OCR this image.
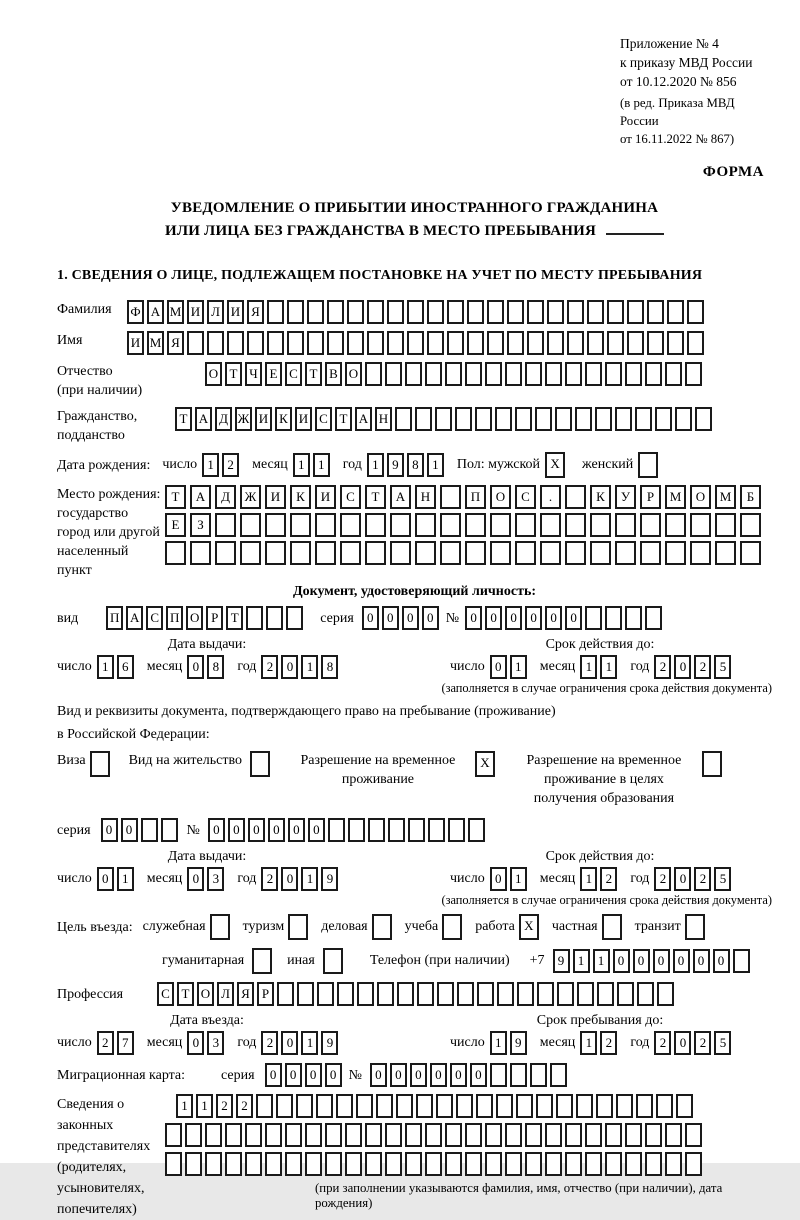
Приложение № 4
к приказу МВД России
от 10.12.2020 № 856
(в ред. Приказа МВД России
от 16.11.2022 № 867)
ФОРМА
УВЕДОМЛЕНИЕ О ПРИБЫТИИ ИНОСТРАННОГО ГРАЖДАНИНА
ИЛИ ЛИЦА БЕЗ ГРАЖДАНСТВА В МЕСТО ПРЕБЫВАНИЯ
1. СВЕДЕНИЯ О ЛИЦЕ, ПОДЛЕЖАЩЕМ ПОСТАНОВКЕ НА УЧЕТ ПО МЕСТУ ПРЕБЫВАНИЯ
Фамилия	Ф А М И Л И Я
Имя	И М Я
Отчество
(при наличии)
О Т Ч Е С Т В О
Гражданство,
подданство
Т А Д Ж И К И С Т А Н
Дата рождения: число 1 2	месяц 1 1	год 1 9 8 1	Пол: мужской X	женский
Место рождения:
государство
город или другой
населенный пункт
Т А Д Ж И К И С Т А Н	П О С .	К У Р М О М Б
Е З
Документ, удостоверяющий личность:
вид П А С П О Р Т	серия	0 0 0 0 № 0 0 0 0 0 0
Дата выдачи:
число 1 6	месяц 0 8	год 2 0 1 8
Срок действия до:
число 0 1	месяц 1 1	год 2 0 2 5
(заполняется в случае ограничения срока действия документа)
Вид и реквизиты документа, подтверждающего право на пребывание (проживание)
в Российской Федерации:
Виза	Вид на жительство	Разрешение на временное проживание
X	Разрешение на временное проживание в целях получения образования
серия	0 0	№	0 0 0 0 0 0
Дата выдачи:
число 0 1	месяц 0 3	год 2 0 1 9
Срок действия до:
число 0 1	месяц 1 2	год 2 0 2 5
(заполняется в случае ограничения срока действия документа)
Цель въезда: служебная	туризм	деловая	учеба	работа X	частная	транзит
гуманитарная	иная	Телефон (при наличии) +7	9 1 1 0 0 0 0 0 0
Профессия	С Т О Л Я Р
Дата въезда:
число 2 7	месяц 0 3	год 2 0 1 9
Срок пребывания до:
число 1 9	месяц 1 2	год 2 0 2 5
Миграционная карта:	серия	0 0 0 0 №	0 0 0 0 0 0
Сведения о
законных
представителях
(родителях,
усыновителях,
попечителях)
1 1 2 2
(при заполнении указываются фамилия, имя, отчество (при наличии), дата рождения)
